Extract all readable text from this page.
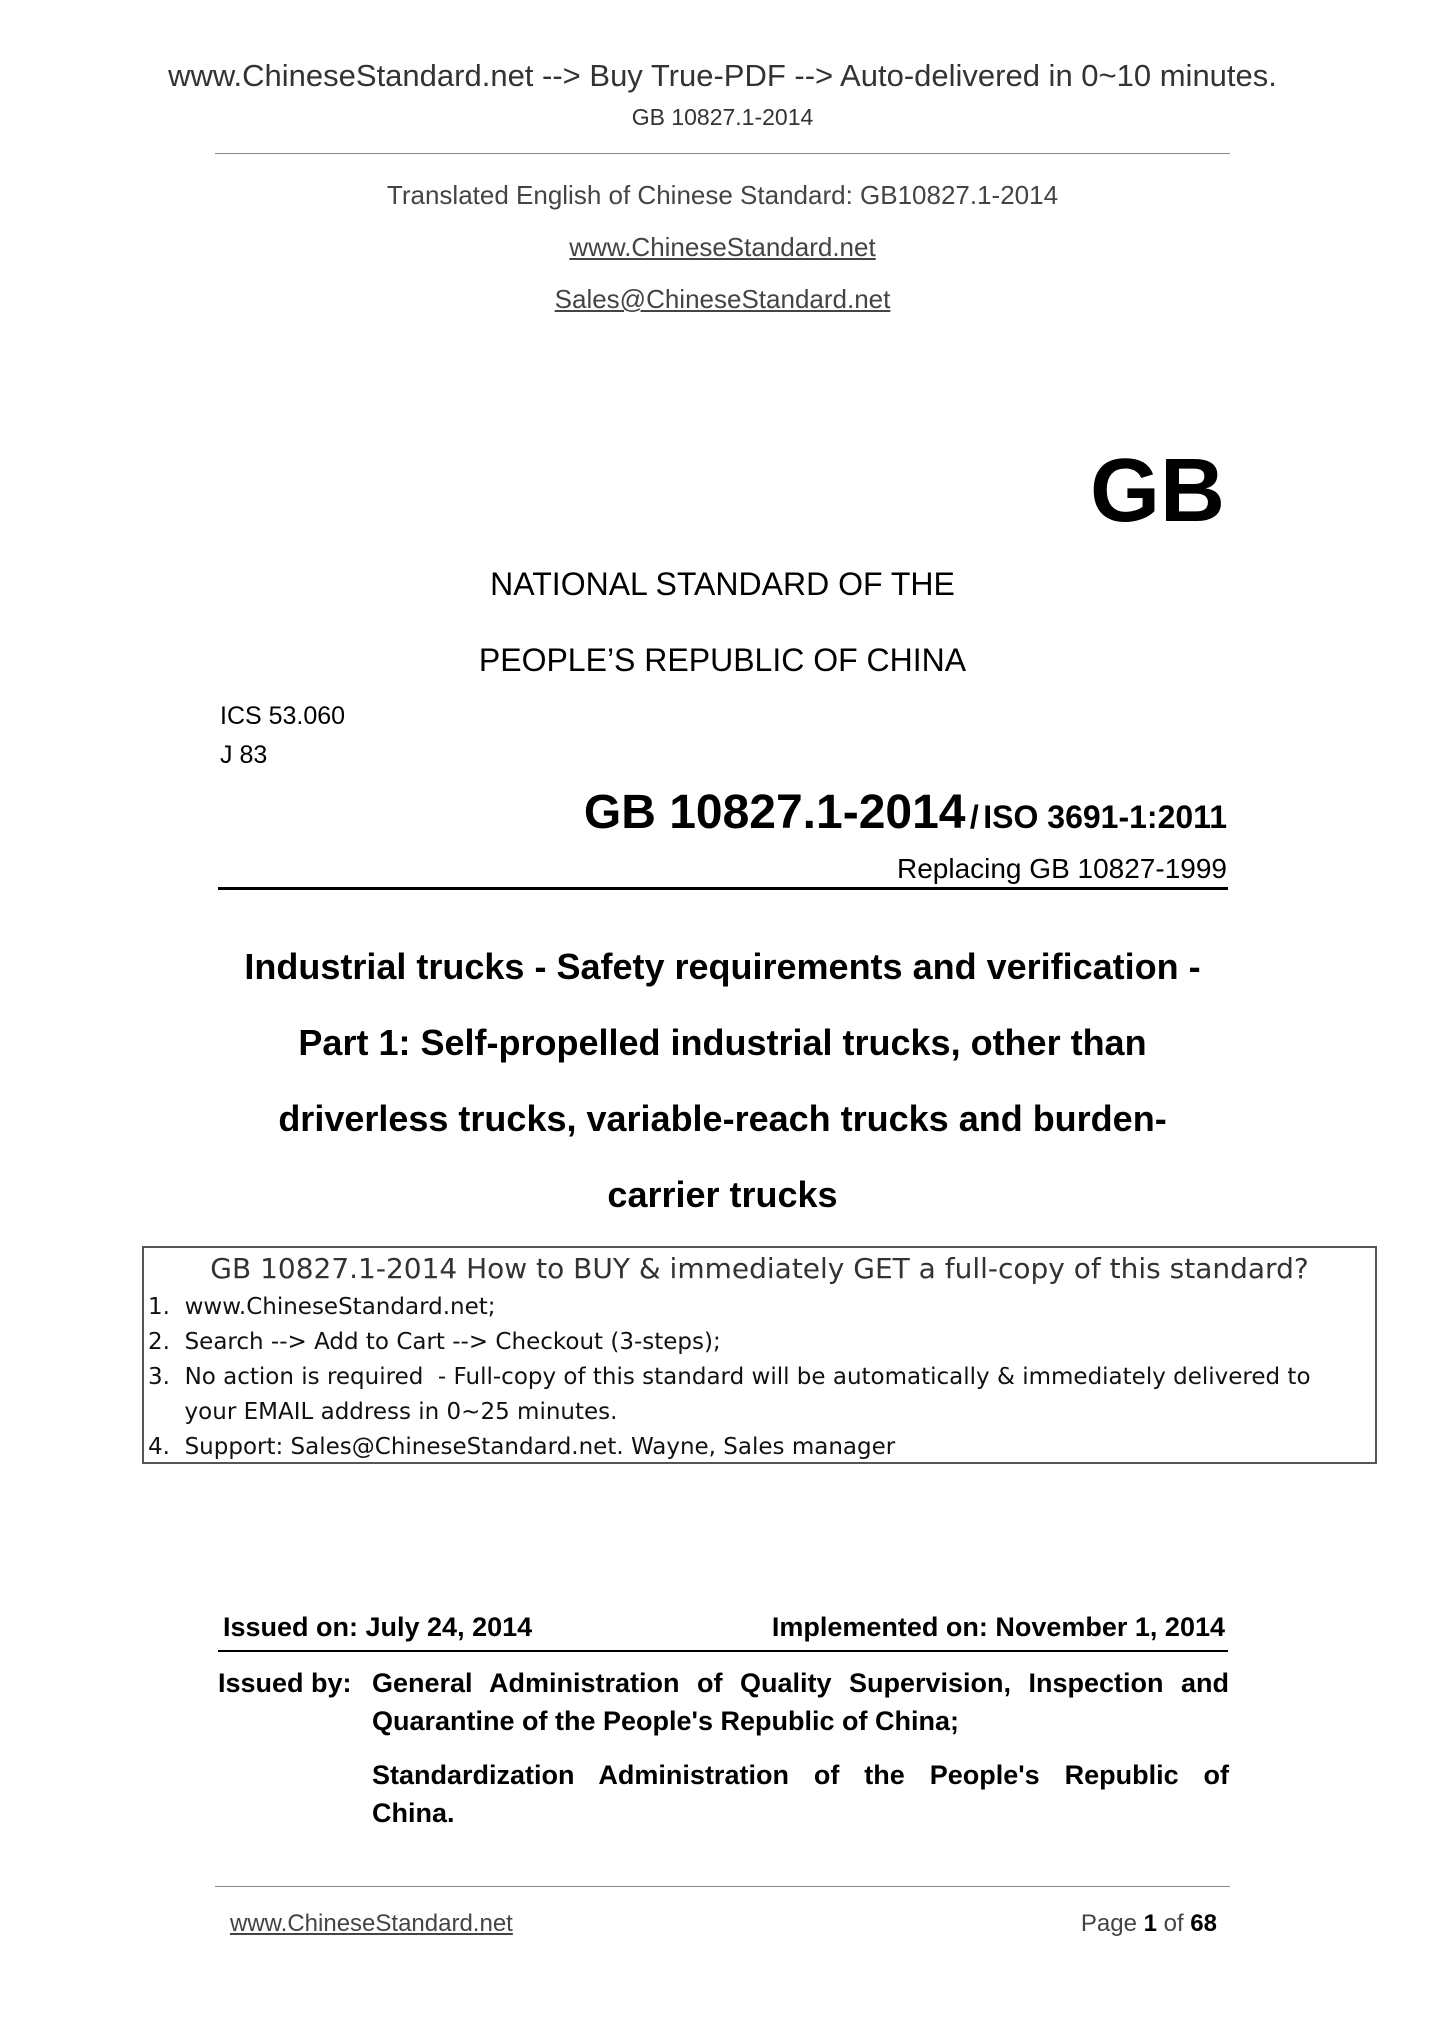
www.ChineseStandard.net --> Buy True-PDF --> Auto-delivered in 0~10 minutes.
GB 10827.1-2014
Translated English of Chinese Standard: GB10827.1-2014
www.ChineseStandard.net
Sales@ChineseStandard.net
GB
NATIONAL STANDARD OF THE
PEOPLE’S REPUBLIC OF CHINA
ICS 53.060
J 83
GB 10827.1-2014 / ISO 3691-1:2011
Replacing GB 10827-1999
Industrial trucks - Safety requirements and verification -
Part 1: Self-propelled industrial trucks, other than
driverless trucks, variable-reach trucks and burden-
carrier trucks
GB 10827.1-2014 How to BUY & immediately GET a full-copy of this standard?
1.  www.ChineseStandard.net;
2.  Search --> Add to Cart --> Checkout (3-steps);
3.  No action is required  - Full-copy of this standard will be automatically & immediately delivered to
your EMAIL address in 0~25 minutes.
4.  Support: Sales@ChineseStandard.net. Wayne, Sales manager
Issued on: July 24, 2014	Implemented on: November 1, 2014
Issued by: General Administration of Quality Supervision, Inspection and
Quarantine of the People's Republic of China;
Standardization Administration of the People's Republic of
China.
www.ChineseStandard.net	Page 1 of 68
